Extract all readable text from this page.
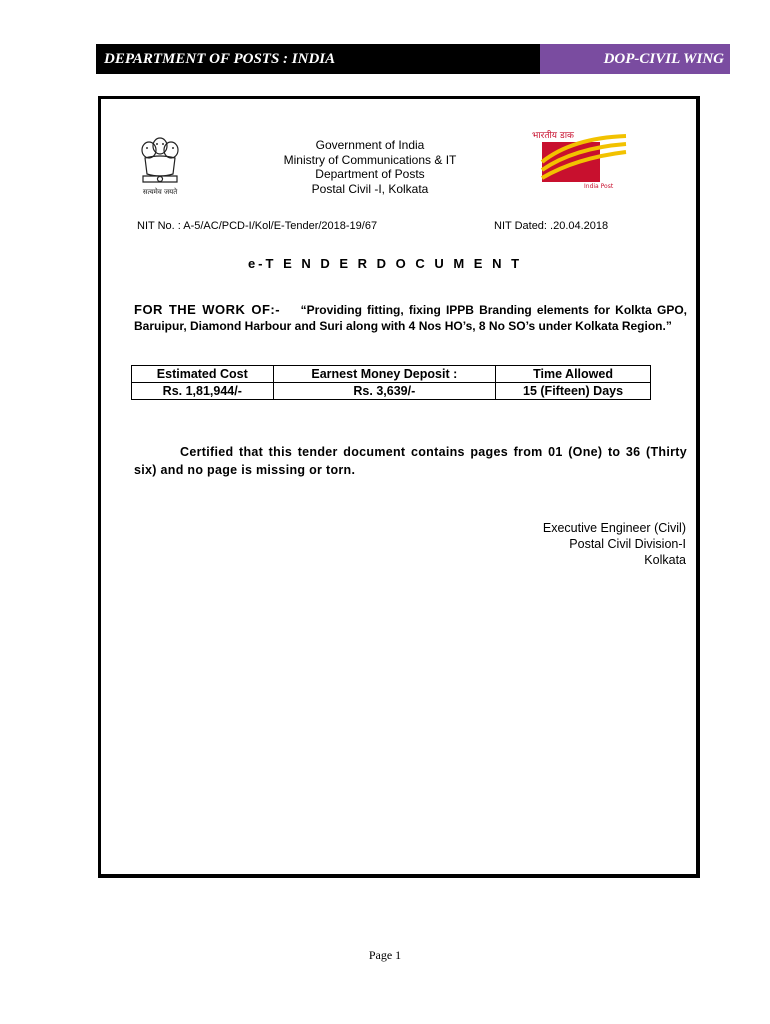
DEPARTMENT OF POSTS : INDIA	DOP-CIVIL WING
सत्यमेव जयते
भारतीय डाक
India Post
Government of India
Ministry of Communications & IT
Department of Posts
Postal Civil -I, Kolkata
NIT No. : A-5/AC/PCD-I/Kol/E-Tender/2018-19/67	NIT Dated: .20.04.2018
e-T E N D E R D O C U M E N T
FOR THE WORK OF:- “Providing fitting, fixing IPPB Branding elements for Kolkta GPO, Baruipur, Diamond Harbour and Suri along with 4 Nos HO’s, 8 No SO’s under Kolkata Region.”
Estimated Cost	Earnest Money Deposit :	Time Allowed
Rs. 1,81,944/-	Rs. 3,639/-	15 (Fifteen) Days
Certified that this tender document contains pages from 01 (One) to 36 (Thirty six) and no page is missing or torn.
Executive Engineer (Civil)
Postal Civil Division-I
Kolkata
Page 1
